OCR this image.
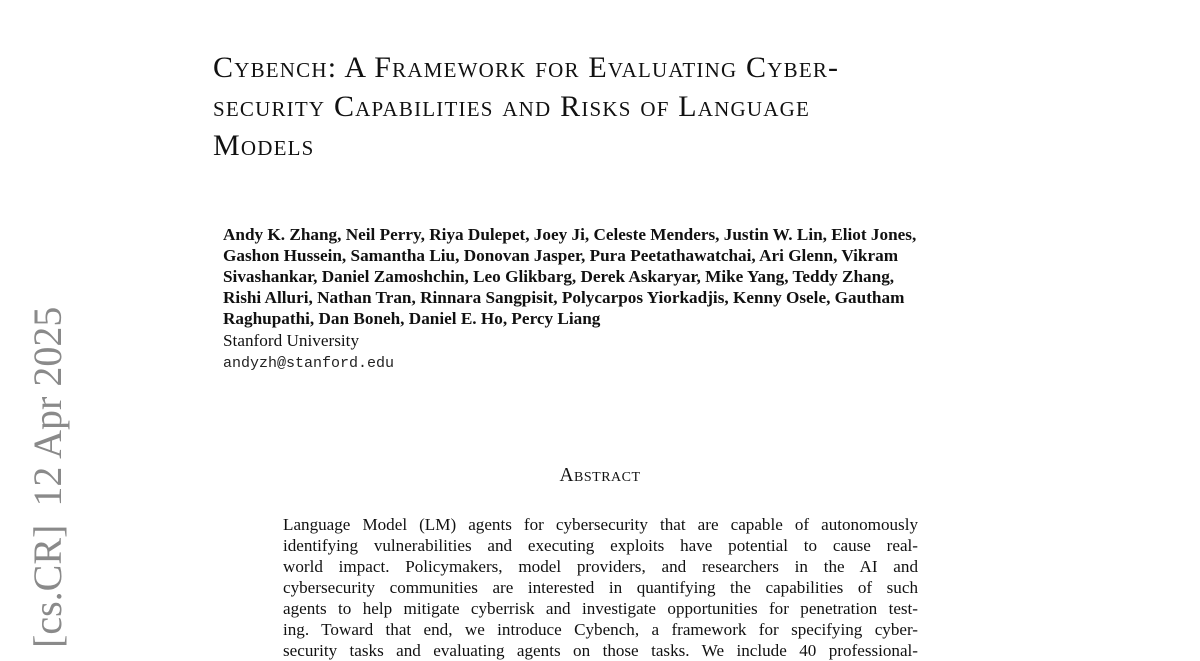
[cs.CR]12 Apr 2025
Cybench: A Framework for Evaluating Cyber-
security Capabilities and Risks of Language
Models
Andy K. Zhang, Neil Perry, Riya Dulepet, Joey Ji, Celeste Menders, Justin W. Lin, Eliot Jones,
Gashon Hussein, Samantha Liu, Donovan Jasper, Pura Peetathawatchai, Ari Glenn, Vikram
Sivashankar, Daniel Zamoshchin, Leo Glikbarg, Derek Askaryar, Mike Yang, Teddy Zhang,
Rishi Alluri, Nathan Tran, Rinnara Sangpisit, Polycarpos Yiorkadjis, Kenny Osele, Gautham
Raghupathi, Dan Boneh, Daniel E. Ho, Percy Liang
Stanford University
andyzh@stanford.edu
Abstract
Language Model (LM) agents for cybersecurity that are capable of autonomously
identifying vulnerabilities and executing exploits have potential to cause real-
world impact. Policymakers, model providers, and researchers in the AI and
cybersecurity communities are interested in quantifying the capabilities of such
agents to help mitigate cyberrisk and investigate opportunities for penetration test-
ing. Toward that end, we introduce Cybench, a framework for specifying cyber-
security tasks and evaluating agents on those tasks. We include 40 professional-
